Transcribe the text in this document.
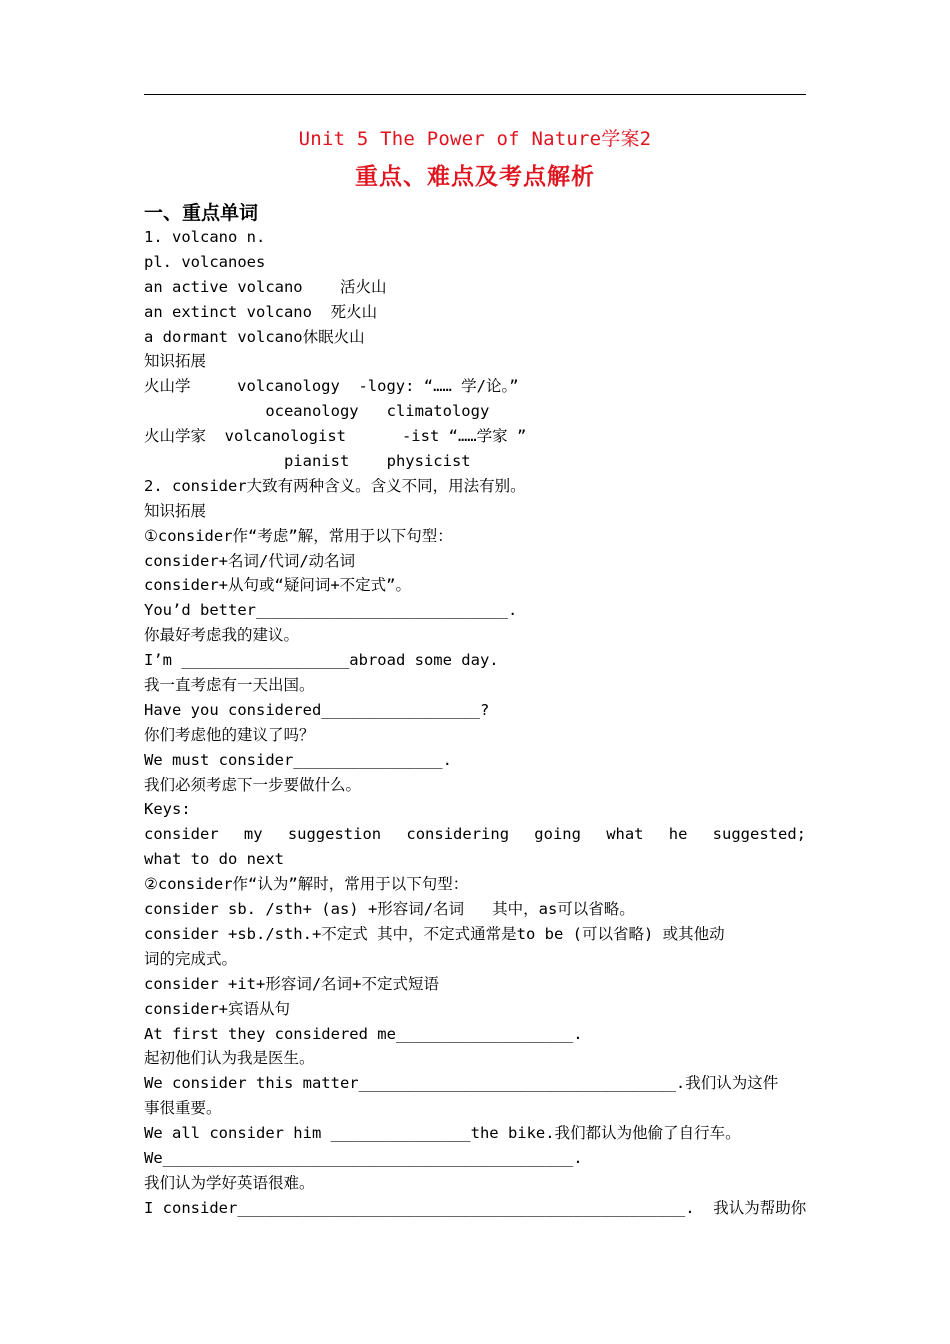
Unit 5 The Power of Nature学案2
重点、难点及考点解析
一、重点单词
1. volcano n.
pl. volcanoes
an active volcano    活火山
an extinct volcano  死火山
a dormant volcano休眠火山
知识拓展
火山学     volcanology  -logy: “…… 学/论。”
oceanology   climatology
火山学家  volcanologist      -ist “……学家 ”
pianist    physicist
2. consider大致有两种含义。含义不同，用法有别。
知识拓展
①consider作“考虑”解，常用于以下句型：
consider+名词/代词/动名词
consider+从句或“疑问词+不定式”。
You’d better___________________________.
你最好考虑我的建议。
I’m __________________abroad some day.
我一直考虑有一天出国。
Have you considered_________________?
你们考虑他的建议了吗？
We must consider________________.
我们必须考虑下一步要做什么。
Keys:
consider my suggestion considering going what he suggested;
what to do next
②consider作“认为”解时，常用于以下句型：
consider sb. /sth+ (as) +形容词/名词   其中，as可以省略。
consider +sb./sth.+不定式 其中，不定式通常是to be (可以省略) 或其他动
词的完成式。
consider +it+形容词/名词+不定式短语
consider+宾语从句
At first they considered me___________________.
起初他们认为我是医生。
We consider this matter__________________________________.我们认为这件
事很重要。
We all consider him _______________the bike.我们都认为他偷了自行车。
We____________________________________________.
我们认为学好英语很难。
I consider________________________________________________.  我认为帮助你
